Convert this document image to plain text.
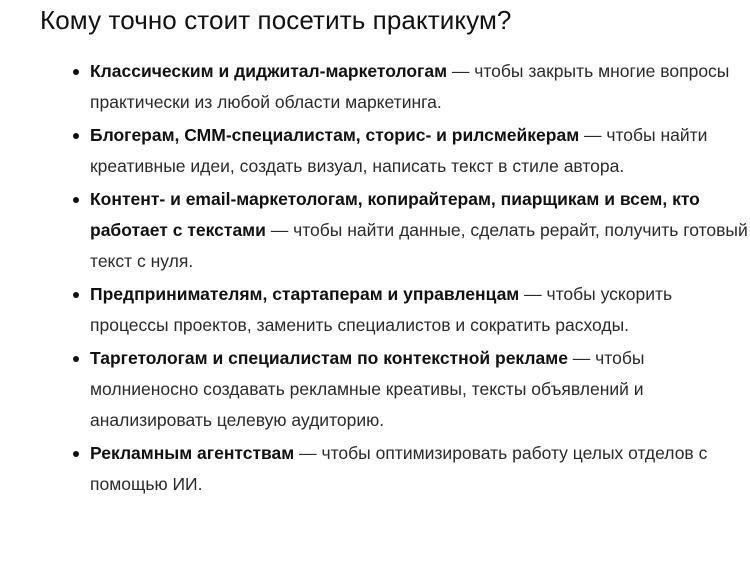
Кому точно стоит посетить практикум?
Классическим и диджитал-маркетологам — чтобы закрыть многие вопросы практически из любой области маркетинга.
Блогерам, СММ-специалистам, сторис- и рилсмейкерам — чтобы найти креативные идеи, создать визуал, написать текст в стиле автора.
Контент- и email-маркетологам, копирайтерам, пиарщикам и всем, кто работает с текстами — чтобы найти данные, сделать рерайт, получить готовый текст с нуля.
Предпринимателям, стартаперам и управленцам — чтобы ускорить процессы проектов, заменить специалистов и сократить расходы.
Таргетологам и специалистам по контекстной рекламе — чтобы молниеносно создавать рекламные креативы, тексты объявлений и анализировать целевую аудиторию.
Рекламным агентствам — чтобы оптимизировать работу целых отделов с помощью ИИ.
